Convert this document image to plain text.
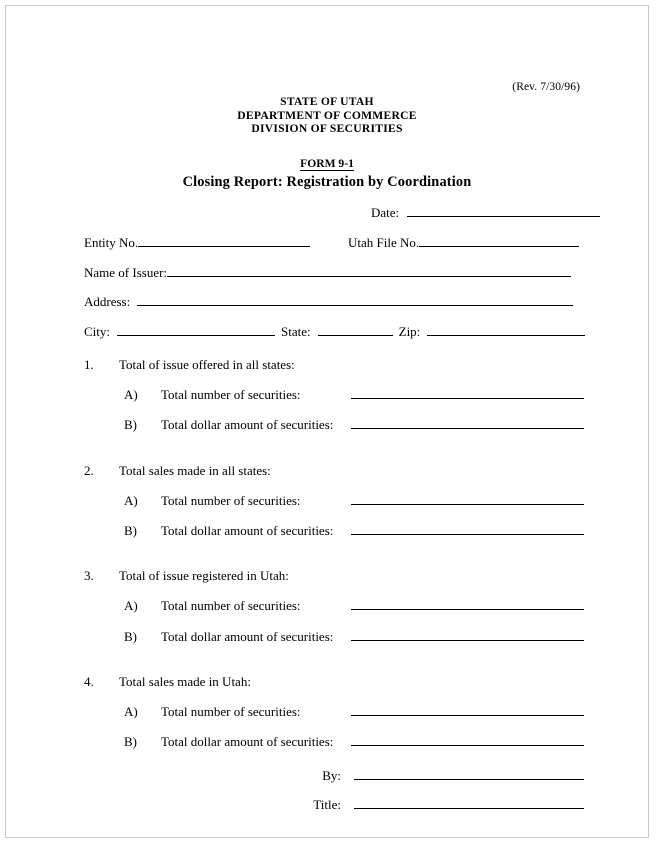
(Rev. 7/30/96)
STATE OF UTAH
DEPARTMENT OF COMMERCE
DIVISION OF SECURITIES
FORM 9-1
Closing Report: Registration by Coordination
Date:
Entity No.	Utah File No.
Name of Issuer:
Address:
City:	State:	Zip:
1. Total of issue offered in all states:
A) Total number of securities:
B) Total dollar amount of securities:
2. Total sales made in all states:
A) Total number of securities:
B) Total dollar amount of securities:
3. Total of issue registered in Utah:
A) Total number of securities:
B) Total dollar amount of securities:
4. Total sales made in Utah:
A) Total number of securities:
B) Total dollar amount of securities:
By:
Title:
